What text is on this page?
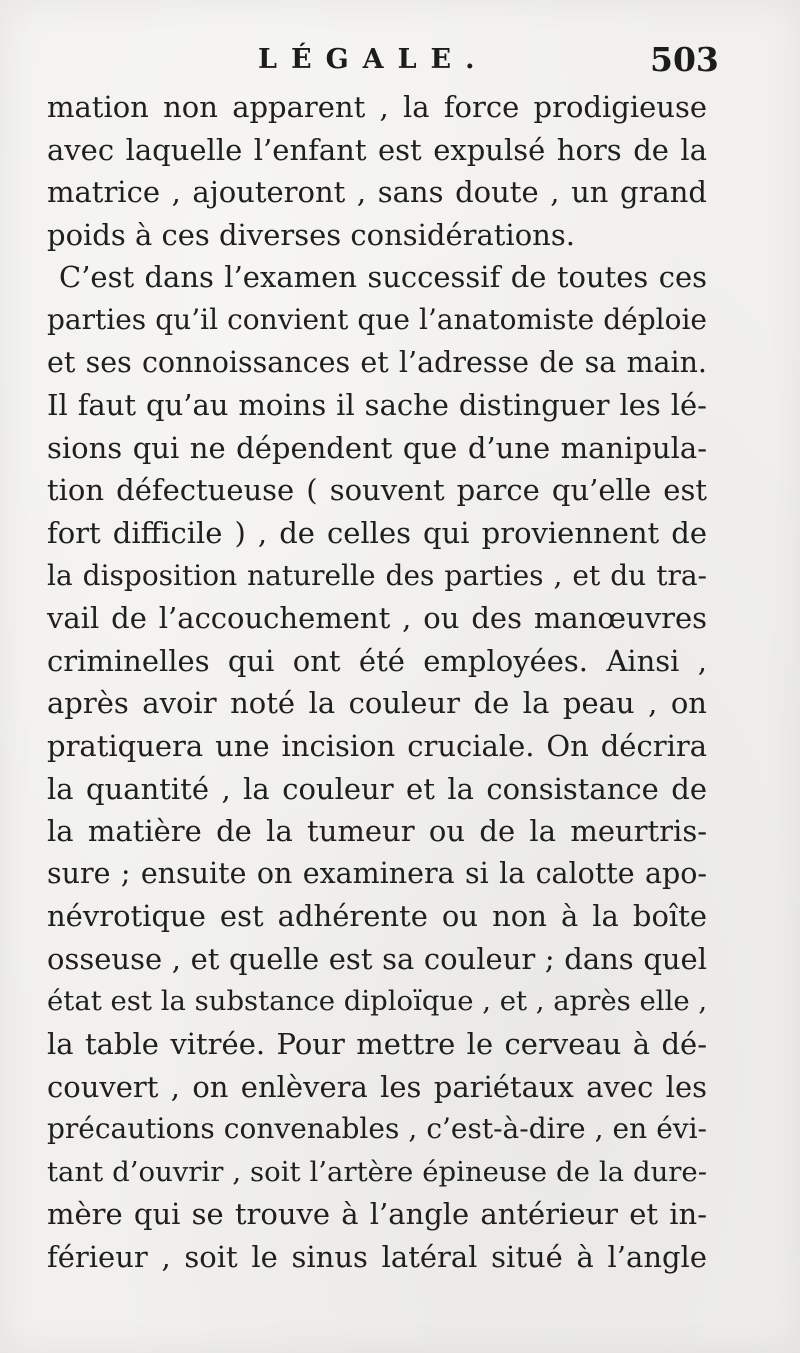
LÉGALE.	503
mation non apparent , la force prodigieuse
avec laquelle l’enfant est expulsé hors de la
matrice , ajouteront , sans doute , un grand
poids à ces diverses considérations.
C’est dans l’examen successif de toutes ces
parties qu’il convient que l’anatomiste déploie
et ses connoissances et l’adresse de sa main.
Il faut qu’au moins il sache distinguer les lé-
sions qui ne dépendent que d’une manipula-
tion défectueuse ( souvent parce qu’elle est
fort difficile ) , de celles qui proviennent de
la disposition naturelle des parties , et du tra-
vail de l’accouchement , ou des manœuvres
criminelles qui ont été employées. Ainsi ,
après avoir noté la couleur de la peau , on
pratiquera une incision cruciale. On décrira
la quantité , la couleur et la consistance de
la matière de la tumeur ou de la meurtris-
sure ; ensuite on examinera si la calotte apo-
névrotique est adhérente ou non à la boîte
osseuse , et quelle est sa couleur ; dans quel
état est la substance diploïque , et , après elle ,
la table vitrée. Pour mettre le cerveau à dé-
couvert , on enlèvera les pariétaux avec les
précautions convenables , c’est-à-dire , en évi-
tant d’ouvrir , soit l’artère épineuse de la dure-
mère qui se trouve à l’angle antérieur et in-
férieur , soit le sinus latéral situé à l’angle
